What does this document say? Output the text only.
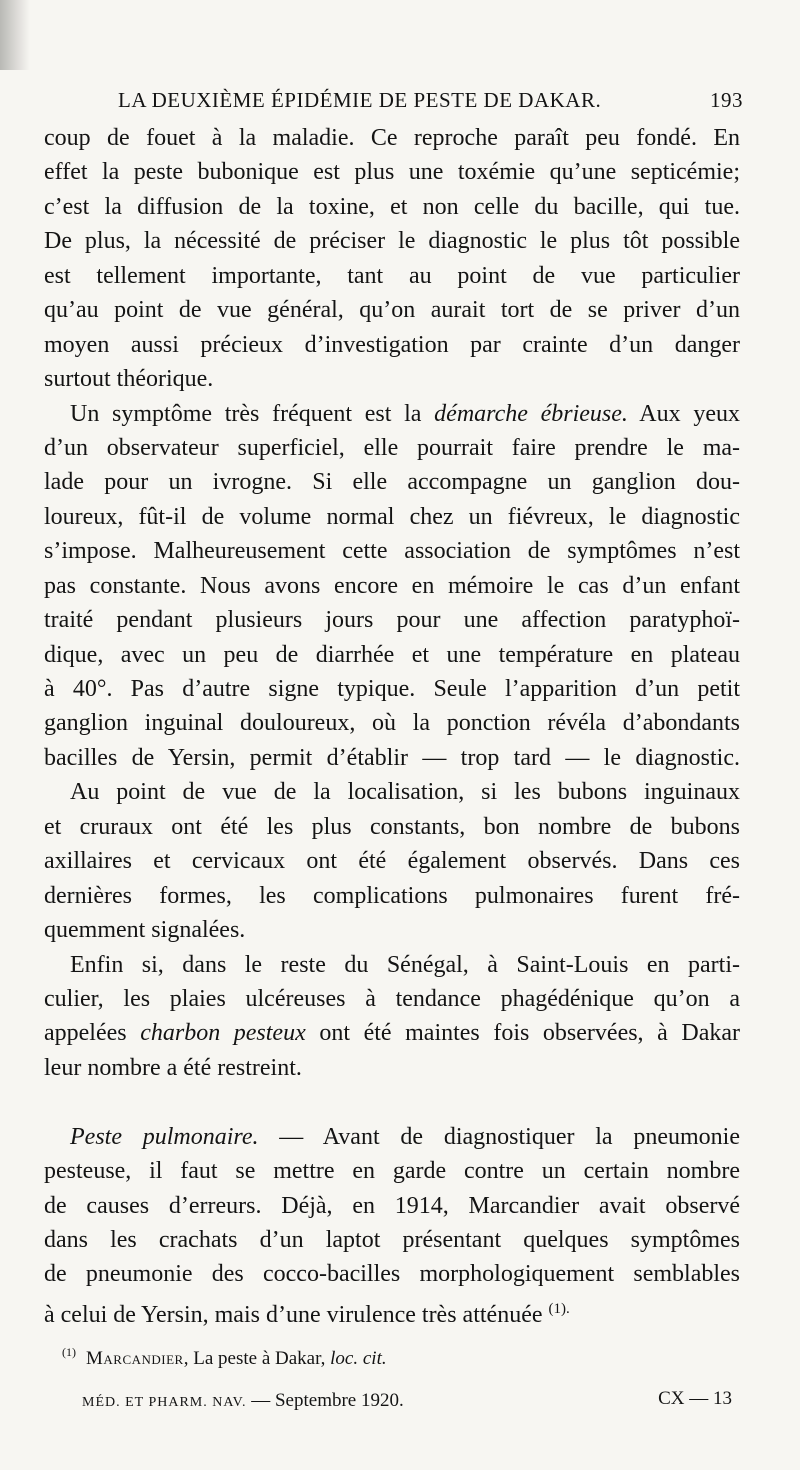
LA DEUXIÈME ÉPIDÉMIE DE PESTE DE DAKAR.	193
coup de fouet à la maladie. Ce reproche paraît peu fondé. En
effet la peste bubonique est plus une toxémie qu’une septicémie;
c’est la diffusion de la toxine, et non celle du bacille, qui tue.
De plus, la nécessité de préciser le diagnostic le plus tôt possible
est tellement importante, tant au point de vue particulier
qu’au point de vue général, qu’on aurait tort de se priver d’un
moyen aussi précieux d’investigation par crainte d’un danger
surtout théorique.
Un symptôme très fréquent est la démarche ébrieuse. Aux yeux
d’un observateur superficiel, elle pourrait faire prendre le ma-
lade pour un ivrogne. Si elle accompagne un ganglion dou-
loureux, fût-il de volume normal chez un fiévreux, le diagnostic
s’impose. Malheureusement cette association de symptômes n’est
pas constante. Nous avons encore en mémoire le cas d’un enfant
traité pendant plusieurs jours pour une affection paratyphoï-
dique, avec un peu de diarrhée et une température en plateau
à 40°. Pas d’autre signe typique. Seule l’apparition d’un petit
ganglion inguinal douloureux, où la ponction révéla d’abondants
bacilles de Yersin, permit d’établir — trop tard — le diagnostic.
Au point de vue de la localisation, si les bubons inguinaux
et cruraux ont été les plus constants, bon nombre de bubons
axillaires et cervicaux ont été également observés. Dans ces
dernières formes, les complications pulmonaires furent fré-
quemment signalées.
Enfin si, dans le reste du Sénégal, à Saint-Louis en parti-
culier, les plaies ulcéreuses à tendance phagédénique qu’on a
appelées charbon pesteux ont été maintes fois observées, à Dakar
leur nombre a été restreint.
Peste pulmonaire. — Avant de diagnostiquer la pneumonie
pesteuse, il faut se mettre en garde contre un certain nombre
de causes d’erreurs. Déjà, en 1914, Marcandier avait observé
dans les crachats d’un laptot présentant quelques symptômes
de pneumonie des cocco-bacilles morphologiquement semblables
à celui de Yersin, mais d’une virulence très atténuée $^{(1).}$
$^{(1)}$ Marcandier, La peste à Dakar, loc. cit.
MÉD. ET PHARM. NAV. — Septembre 1920.	CX — 13
